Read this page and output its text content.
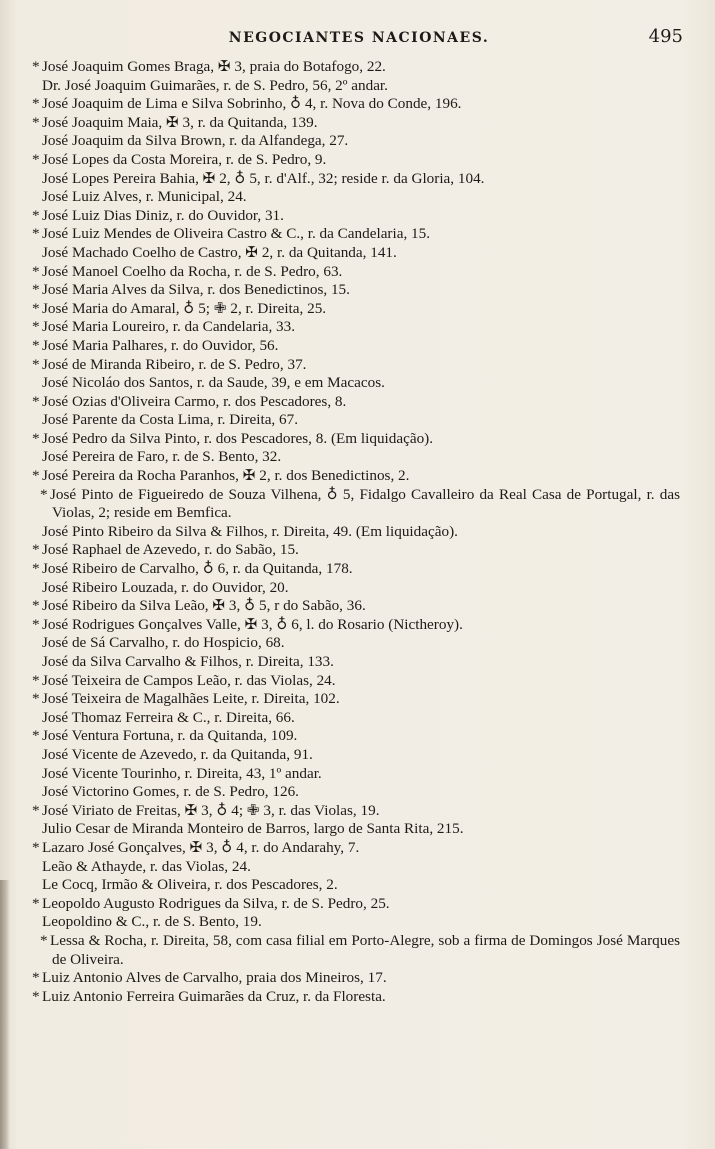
NEGOCIANTES NACIONAES.	495
* José Joaquim Gomes Braga, ✠ 3, praia do Botafogo, 22.
Dr. José Joaquim Guimarães, r. de S. Pedro, 56, 2º andar.
* José Joaquim de Lima e Silva Sobrinho, ♁ 4, r. Nova do Conde, 196.
* José Joaquim Maia, ✠ 3, r. da Quitanda, 139.
José Joaquim da Silva Brown, r. da Alfandega, 27.
* José Lopes da Costa Moreira, r. de S. Pedro, 9.
José Lopes Pereira Bahia, ✠ 2, ♁ 5, r. d'Alf., 32; reside r. da Gloria, 104.
José Luiz Alves, r. Municipal, 24.
* José Luiz Dias Diniz, r. do Ouvidor, 31.
* José Luiz Mendes de Oliveira Castro & C., r. da Candelaria, 15.
José Machado Coelho de Castro, ✠ 2, r. da Quitanda, 141.
* José Manoel Coelho da Rocha, r. de S. Pedro, 63.
* José Maria Alves da Silva, r. dos Benedictinos, 15.
* José Maria do Amaral, ♁ 5; ✙ 2, r. Direita, 25.
* José Maria Loureiro, r. da Candelaria, 33.
* José Maria Palhares, r. do Ouvidor, 56.
* José de Miranda Ribeiro, r. de S. Pedro, 37.
José Nicoláo dos Santos, r. da Saude, 39, e em Macacos.
* José Ozias d'Oliveira Carmo, r. dos Pescadores, 8.
José Parente da Costa Lima, r. Direita, 67.
* José Pedro da Silva Pinto, r. dos Pescadores, 8. (Em liquidação).
José Pereira de Faro, r. de S. Bento, 32.
* José Pereira da Rocha Paranhos, ✠ 2, r. dos Benedictinos, 2.
* José Pinto de Figueiredo de Souza Vilhena, ♁ 5, Fidalgo Cavalleiro da Real Casa de Portugal, r. das Violas, 2; reside em Bemfica.
José Pinto Ribeiro da Silva & Filhos, r. Direita, 49. (Em liquidação).
* José Raphael de Azevedo, r. do Sabão, 15.
* José Ribeiro de Carvalho, ♁ 6, r. da Quitanda, 178.
José Ribeiro Louzada, r. do Ouvidor, 20.
* José Ribeiro da Silva Leão, ✠ 3, ♁ 5, r do Sabão, 36.
* José Rodrigues Gonçalves Valle, ✠ 3, ♁ 6, l. do Rosario (Nictheroy).
José de Sá Carvalho, r. do Hospicio, 68.
José da Silva Carvalho & Filhos, r. Direita, 133.
* José Teixeira de Campos Leão, r. das Violas, 24.
* José Teixeira de Magalhães Leite, r. Direita, 102.
José Thomaz Ferreira & C., r. Direita, 66.
* José Ventura Fortuna, r. da Quitanda, 109.
José Vicente de Azevedo, r. da Quitanda, 91.
José Vicente Tourinho, r. Direita, 43, 1º andar.
José Victorino Gomes, r. de S. Pedro, 126.
* José Viriato de Freitas, ✠ 3, ♁ 4; ✙ 3, r. das Violas, 19.
Julio Cesar de Miranda Monteiro de Barros, largo de Santa Rita, 215.
* Lazaro José Gonçalves, ✠ 3, ♁ 4, r. do Andarahy, 7.
Leão & Athayde, r. das Violas, 24.
Le Cocq, Irmão & Oliveira, r. dos Pescadores, 2.
* Leopoldo Augusto Rodrigues da Silva, r. de S. Pedro, 25.
Leopoldino & C., r. de S. Bento, 19.
* Lessa & Rocha, r. Direita, 58, com casa filial em Porto-Alegre, sob a firma de Domingos José Marques de Oliveira.
* Luiz Antonio Alves de Carvalho, praia dos Mineiros, 17.
* Luiz Antonio Ferreira Guimarães da Cruz, r. da Floresta.
